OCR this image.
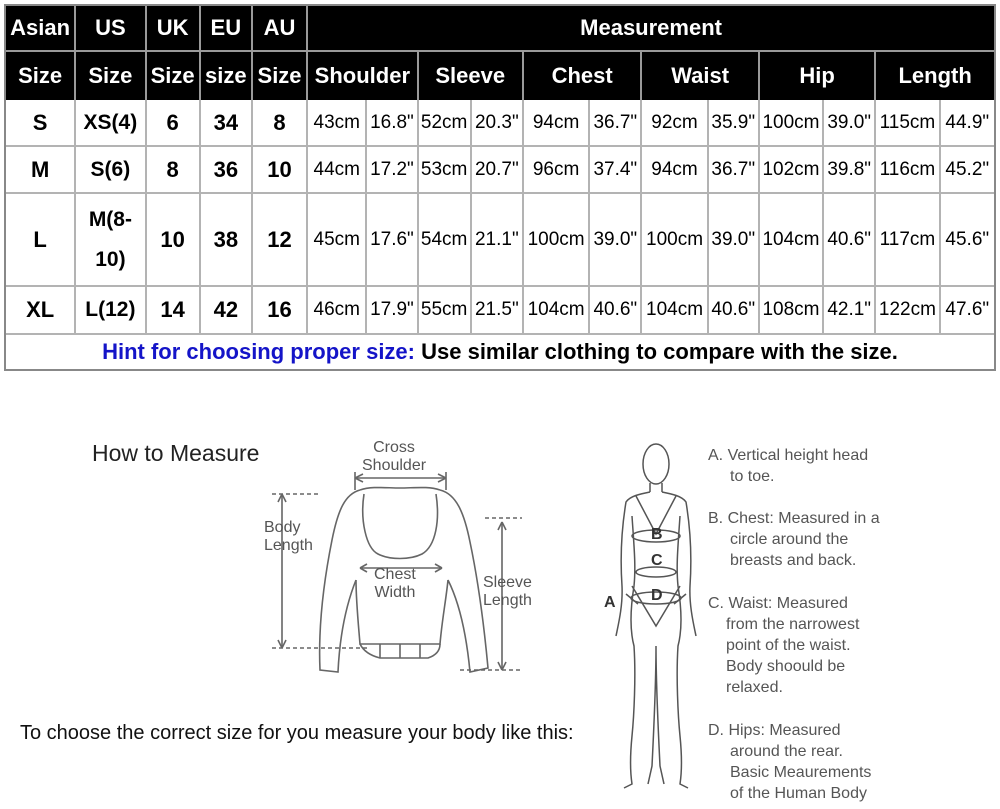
Asian	US	UK	EU	AU	Measurement											
Size	Size	Size	size	Size	Shoulder		Sleeve		Chest		Waist		Hip		Length	
S	XS(4)	6	34	8	43cm	16.8"	52cm	20.3"	94cm	36.7"	92cm	35.9"	100cm	39.0"	115cm	44.9"
M	S(6)	8	36	10	44cm	17.2"	53cm	20.7"	96cm	37.4"	94cm	36.7"	102cm	39.8"	116cm	45.2"
L	M(8-10)	10	38	12	45cm	17.6"	54cm	21.1"	100cm	39.0"	100cm	39.0"	104cm	40.6"	117cm	45.6"
XL	L(12)	14	42	16	46cm	17.9"	55cm	21.5"	104cm	40.6"	104cm	40.6"	108cm	42.1"	122cm	47.6"
Hint for choosing proper size: Use similar clothing to compare with the size.																
How to Measure	Cross
Shoulder
Body
Length
Chest
Width
Sleeve
Length
To choose the correct size for you measure your body like this:
A
B
C
D
A. Vertical height head
to toe.
B. Chest: Measured in a
circle around the
breasts and back.
C. Waist: Measured
from the narrowest
point of the waist.
Body shoould be
relaxed.
D. Hips: Measured
around the rear.
Basic Meaurements
of the Human Body
